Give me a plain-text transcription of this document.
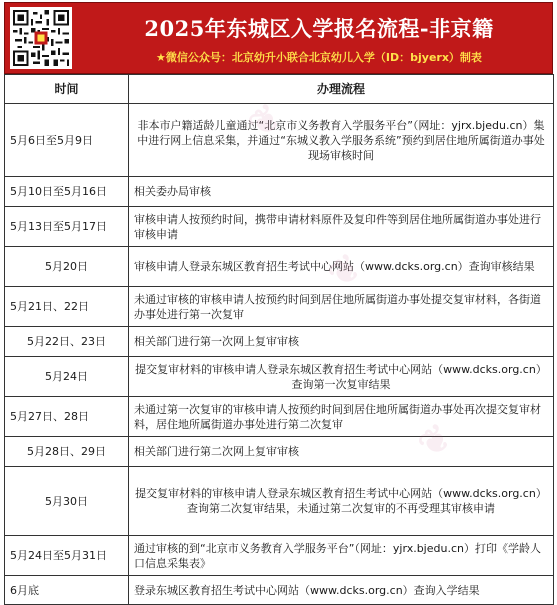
2025年东城区入学报名流程-非京籍
★微信公众号：北京幼升小联合北京幼儿入学（ID：bjyerx）制表
时间	办理流程
5月6日至5月9日	非本市户籍适龄儿童通过“北京市义务教育入学服务平台”（网址：yjrx.bjedu.cn）集中进行网上信息采集，并通过“东城义教入学服务系统”预约到居住地所属街道办事处现场审核时间
5月10日至5月16日	相关委办局审核
5月13日至5月17日	审核申请人按预约时间，携带申请材料原件及复印件等到居住地所属街道办事处进行审核申请
5月20日	审核申请人登录东城区教育招生考试中心网站（www.dcks.org.cn）查询审核结果
5月21日、22日	未通过审核的审核申请人按预约时间到居住地所属街道办事处提交复审材料，各街道办事处进行第一次复审
5月22日、23日	相关部门进行第一次网上复审审核
5月24日	提交复审材料的审核申请人登录东城区教育招生考试中心网站（www.dcks.org.cn）查询第一次复审结果
5月27日、28日	未通过第一次复审的审核申请人按预约时间到居住地所属街道办事处再次提交复审材料，居住地所属街道办事处进行第二次复审
5月28日、29日	相关部门进行第二次网上复审审核
5月30日	提交复审材料的审核申请人登录东城区教育招生考试中心网站（www.dcks.org.cn）查询第二次复审结果，未通过第二次复审的不再受理其审核申请
5月24日至5月31日	通过审核的到“北京市义务教育入学服务平台”（网址：yjrx.bjedu.cn）打印《学龄人口信息采集表》
6月底	登录东城区教育招生考试中心网站（www.dcks.org.cn）查询入学结果
❦
❦
❦
